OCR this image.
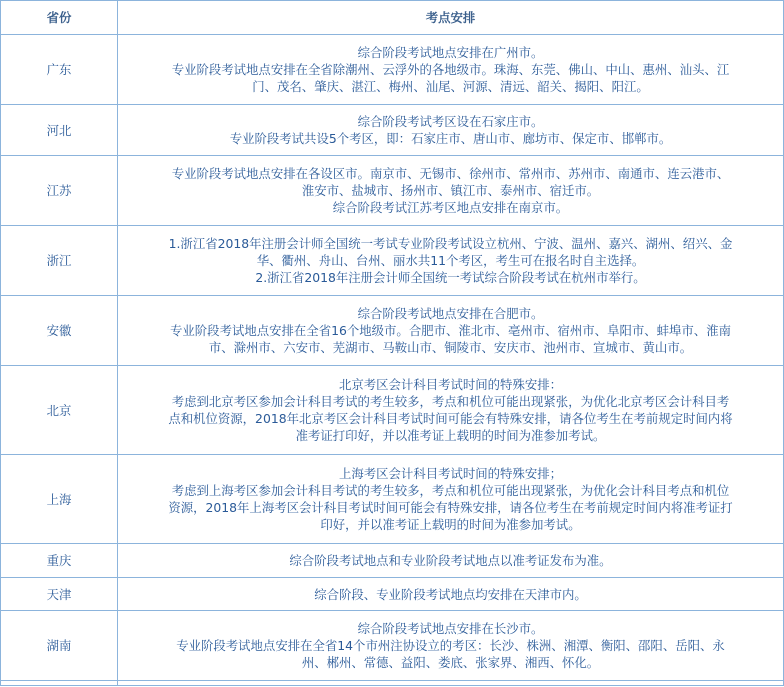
省份	考点安排
广东	综合阶段考试地点安排在广州市。
专业阶段考试地点安排在全省除潮州、云浮外的各地级市。珠海、东莞、佛山、中山、惠州、汕头、江
门、茂名、肇庆、湛江、梅州、汕尾、河源、清远、韶关、揭阳、阳江。

河北	综合阶段考试考区设在石家庄市。
专业阶段考试共设5个考区，即：石家庄市、唐山市、廊坊市、保定市、邯郸市。

江苏	专业阶段考试地点安排在各设区市。南京市、无锡市、徐州市、常州市、苏州市、南通市、连云港市、
淮安市、盐城市、扬州市、镇江市、泰州市、宿迁市。
综合阶段考试江苏考区地点安排在南京市。

浙江	1.浙江省2018年注册会计师全国统一考试专业阶段考试设立杭州、宁波、温州、嘉兴、湖州、绍兴、金
华、衢州、舟山、台州、丽水共11个考区，考生可在报名时自主选择。
2.浙江省2018年注册会计师全国统一考试综合阶段考试在杭州市举行。

安徽	综合阶段考试地点安排在合肥市。
专业阶段考试地点安排在全省16个地级市。合肥市、淮北市、亳州市、宿州市、阜阳市、蚌埠市、淮南
市、滁州市、六安市、芜湖市、马鞍山市、铜陵市、安庆市、池州市、宣城市、黄山市。

北京	北京考区会计科目考试时间的特殊安排：
考虑到北京考区参加会计科目考试的考生较多，考点和机位可能出现紧张，为优化北京考区会计科目考
点和机位资源，2018年北京考区会计科目考试时间可能会有特殊安排，请各位考生在考前规定时间内将
准考证打印好，并以准考证上载明的时间为准参加考试。

上海	上海考区会计科目考试时间的特殊安排；
考虑到上海考区参加会计科目考试的考生较多，考点和机位可能出现紧张，为优化会计科目考点和机位
资源，2018年上海考区会计科目考试时间可能会有特殊安排，请各位考生在考前规定时间内将准考证打
印好，并以准考证上载明的时间为准参加考试。

重庆	综合阶段考试地点和专业阶段考试地点以准考证发布为准。

天津	综合阶段、专业阶段考试地点均安排在天津市内。

湖南	综合阶段考试地点安排在长沙市。
专业阶段考试地点安排在全省14个市州注协设立的考区：长沙、株洲、湘潭、衡阳、邵阳、岳阳、永
州、郴州、常德、益阳、娄底、张家界、湘西、怀化。
